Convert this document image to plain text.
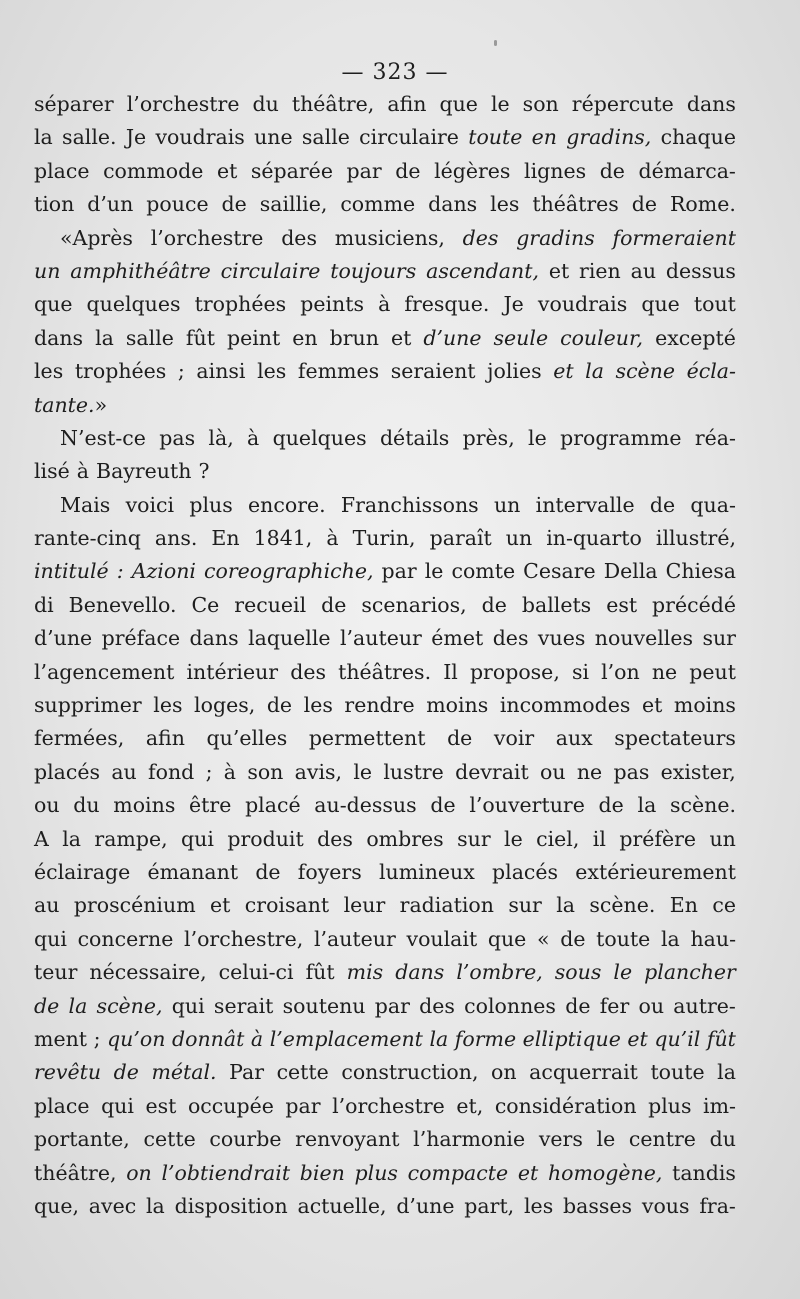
— 323 —
séparer l’orchestre du théâtre, afin que le son répercute dans
la salle. Je voudrais une salle circulaire toute en gradins, chaque
place commode et séparée par de légères lignes de démarca-
tion d’un pouce de saillie, comme dans les théâtres de Rome.
«Après l’orchestre des musiciens, des gradins formeraient
un amphithéâtre circulaire toujours ascendant, et rien au dessus
que quelques trophées peints à fresque. Je voudrais que tout
dans la salle fût peint en brun et d’une seule couleur, excepté
les trophées ; ainsi les femmes seraient jolies et la scène écla-
tante. »
N’est-ce pas là, à quelques détails près, le programme réa-
lisé à Bayreuth ?
Mais voici plus encore. Franchissons un intervalle de qua-
rante-cinq ans. En 1841, à Turin, paraît un in-quarto illustré,
intitulé : Azioni coreographiche, par le comte Cesare Della Chiesa
di Benevello. Ce recueil de scenarios, de ballets est précédé
d’une préface dans laquelle l’auteur émet des vues nouvelles sur
l’agencement intérieur des théâtres. Il propose, si l’on ne peut
supprimer les loges, de les rendre moins incommodes et moins
fermées, afin qu’elles permettent de voir aux spectateurs
placés au fond ; à son avis, le lustre devrait ou ne pas exister,
ou du moins être placé au-dessus de l’ouverture de la scène.
A la rampe, qui produit des ombres sur le ciel, il préfère un
éclairage émanant de foyers lumineux placés extérieurement
au proscénium et croisant leur radiation sur la scène. En ce
qui concerne l’orchestre, l’auteur voulait que « de toute la hau-
teur nécessaire, celui-ci fût mis dans l’ombre, sous le plancher
de la scène, qui serait soutenu par des colonnes de fer ou autre-
ment ; qu’on donnât à l’emplacement la forme elliptique et qu’il fût
revêtu de métal. Par cette construction, on acquerrait toute la
place qui est occupée par l’orchestre et, considération plus im-
portante, cette courbe renvoyant l’harmonie vers le centre du
théâtre, on l’obtiendrait bien plus compacte et homogène, tandis
que, avec la disposition actuelle, d’une part, les basses vous fra-
